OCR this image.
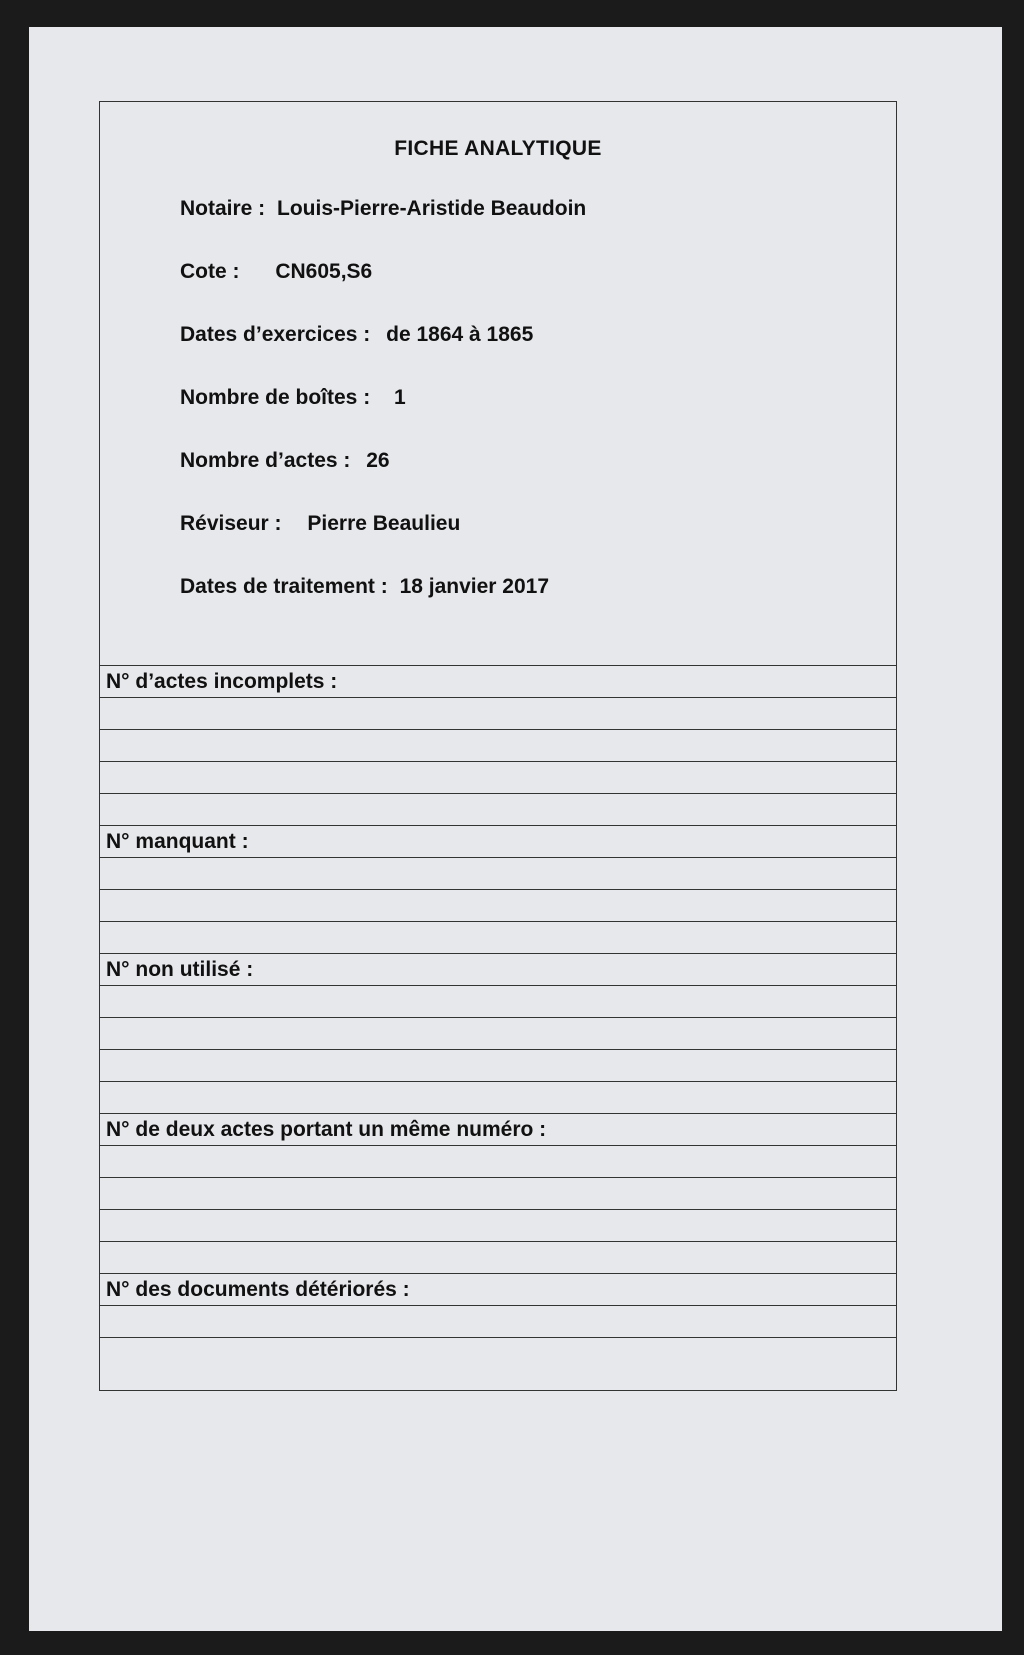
FICHE ANALYTIQUE
Notaire : Louis-Pierre-Aristide Beaudoin
Cote : CN605,S6
Dates d’exercices : de 1864 à 1865
Nombre de boîtes : 1
Nombre d’actes : 26
Réviseur : Pierre Beaulieu
Dates de traitement : 18 janvier 2017
N° d’actes incomplets :
N° manquant :
N° non utilisé :
N° de deux actes portant un même numéro :
N° des documents détériorés :
